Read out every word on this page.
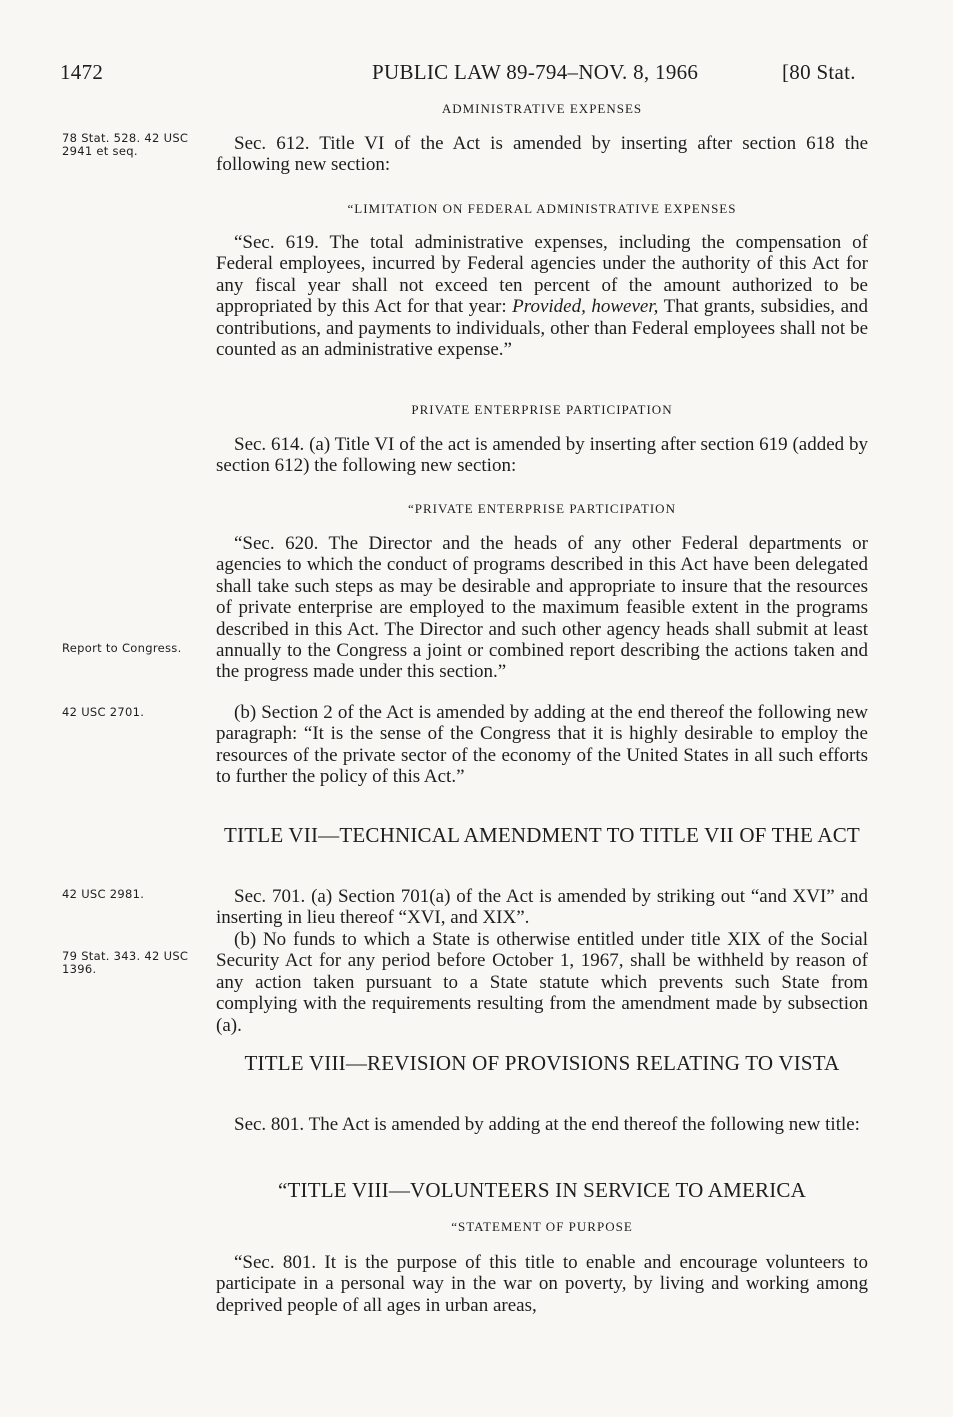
1472	PUBLIC LAW 89-794–NOV. 8, 1966	[80 Stat.
78 Stat. 528. 42 USC 2941 et seq.
Report to Congress.
42 USC 2701.
42 USC 2981.
79 Stat. 343. 42 USC 1396.
ADMINISTRATIVE EXPENSES
Sec. 612. Title VI of the Act is amended by inserting after section 618 the following new section:
“LIMITATION ON FEDERAL ADMINISTRATIVE EXPENSES
“Sec. 619. The total administrative expenses, including the compensation of Federal employees, incurred by Federal agencies under the authority of this Act for any fiscal year shall not exceed ten percent of the amount authorized to be appropriated by this Act for that year: Provided, however, That grants, subsidies, and contributions, and payments to individuals, other than Federal employees shall not be counted as an administrative expense.”
PRIVATE ENTERPRISE PARTICIPATION
Sec. 614. (a) Title VI of the act is amended by inserting after section 619 (added by section 612) the following new section:
“PRIVATE ENTERPRISE PARTICIPATION
“Sec. 620. The Director and the heads of any other Federal departments or agencies to which the conduct of programs described in this Act have been delegated shall take such steps as may be desirable and appropriate to insure that the resources of private enterprise are employed to the maximum feasible extent in the programs described in this Act. The Director and such other agency heads shall submit at least annually to the Congress a joint or combined report describing the actions taken and the progress made under this section.”
(b) Section 2 of the Act is amended by adding at the end thereof the following new paragraph: “It is the sense of the Congress that it is highly desirable to employ the resources of the private sector of the economy of the United States in all such efforts to further the policy of this Act.”
TITLE VII—TECHNICAL AMENDMENT TO TITLE VII OF THE ACT
Sec. 701. (a) Section 701(a) of the Act is amended by striking out “and XVI” and inserting in lieu thereof “XVI, and XIX”.
(b) No funds to which a State is otherwise entitled under title XIX of the Social Security Act for any period before October 1, 1967, shall be withheld by reason of any action taken pursuant to a State statute which prevents such State from complying with the requirements resulting from the amendment made by subsection (a).
TITLE VIII—REVISION OF PROVISIONS RELATING TO VISTA
Sec. 801. The Act is amended by adding at the end thereof the following new title:
“TITLE VIII—VOLUNTEERS IN SERVICE TO AMERICA
“STATEMENT OF PURPOSE
“Sec. 801. It is the purpose of this title to enable and encourage volunteers to participate in a personal way in the war on poverty, by living and working among deprived people of all ages in urban areas,
